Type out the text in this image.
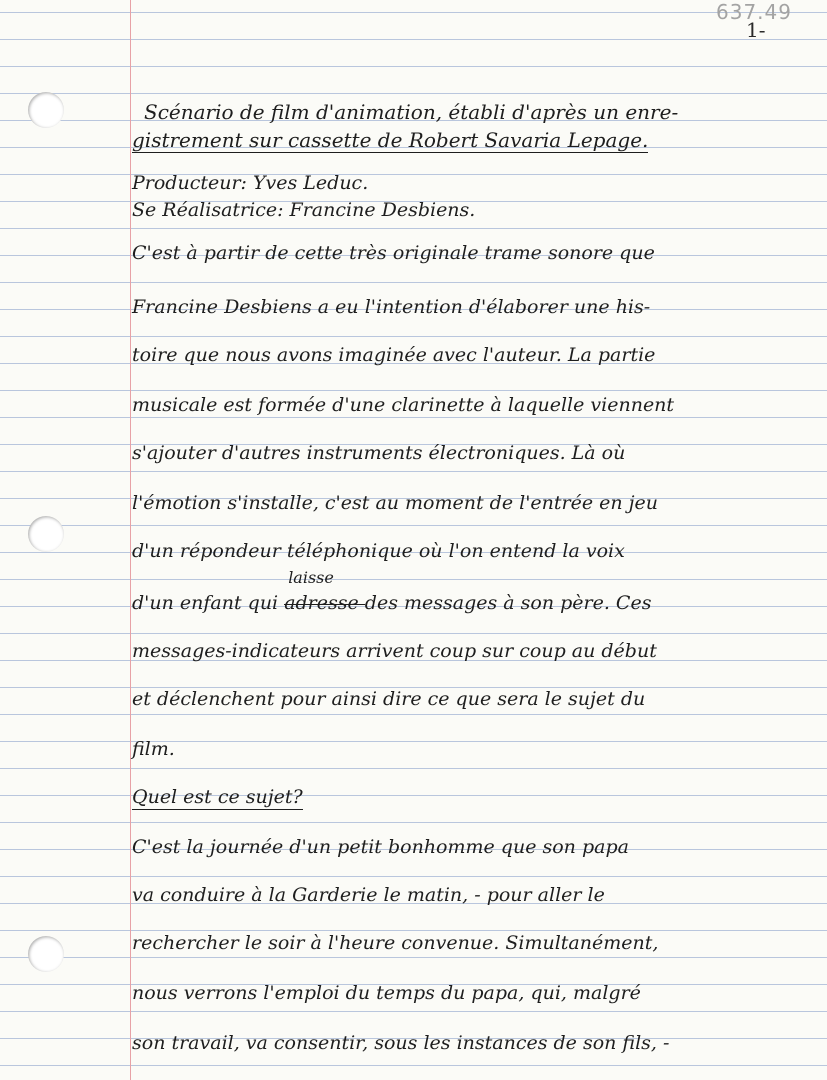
637.49
1-
Scénario de film d'animation, établi d'après un enre-
gistrement sur cassette de Robert Savaria Lepage.
Producteur: Yves Leduc.
Se Réalisatrice: Francine Desbiens.
C'est à partir de cette très originale trame sonore que
Francine Desbiens a eu l'intention d'élaborer une his-
toire que nous avons imaginée avec l'auteur. La partie
musicale est formée d'une clarinette à laquelle viennent
s'ajouter d'autres instruments électroniques. Là où
l'émotion s'installe, c'est au moment de l'entrée en jeu
d'un répondeur téléphonique où l'on entend la voix
d'un enfant qui
laisse
adresse des messages à son père. Ces
messages-indicateurs arrivent coup sur coup au début
et déclenchent pour ainsi dire ce que sera le sujet du
film.
Quel est ce sujet?
C'est la journée d'un petit bonhomme que son papa
va conduire à la Garderie le matin, - pour aller le
rechercher le soir à l'heure convenue. Simultanément,
nous verrons l'emploi du temps du papa, qui, malgré
son travail, va consentir, sous les instances de son fils, -
